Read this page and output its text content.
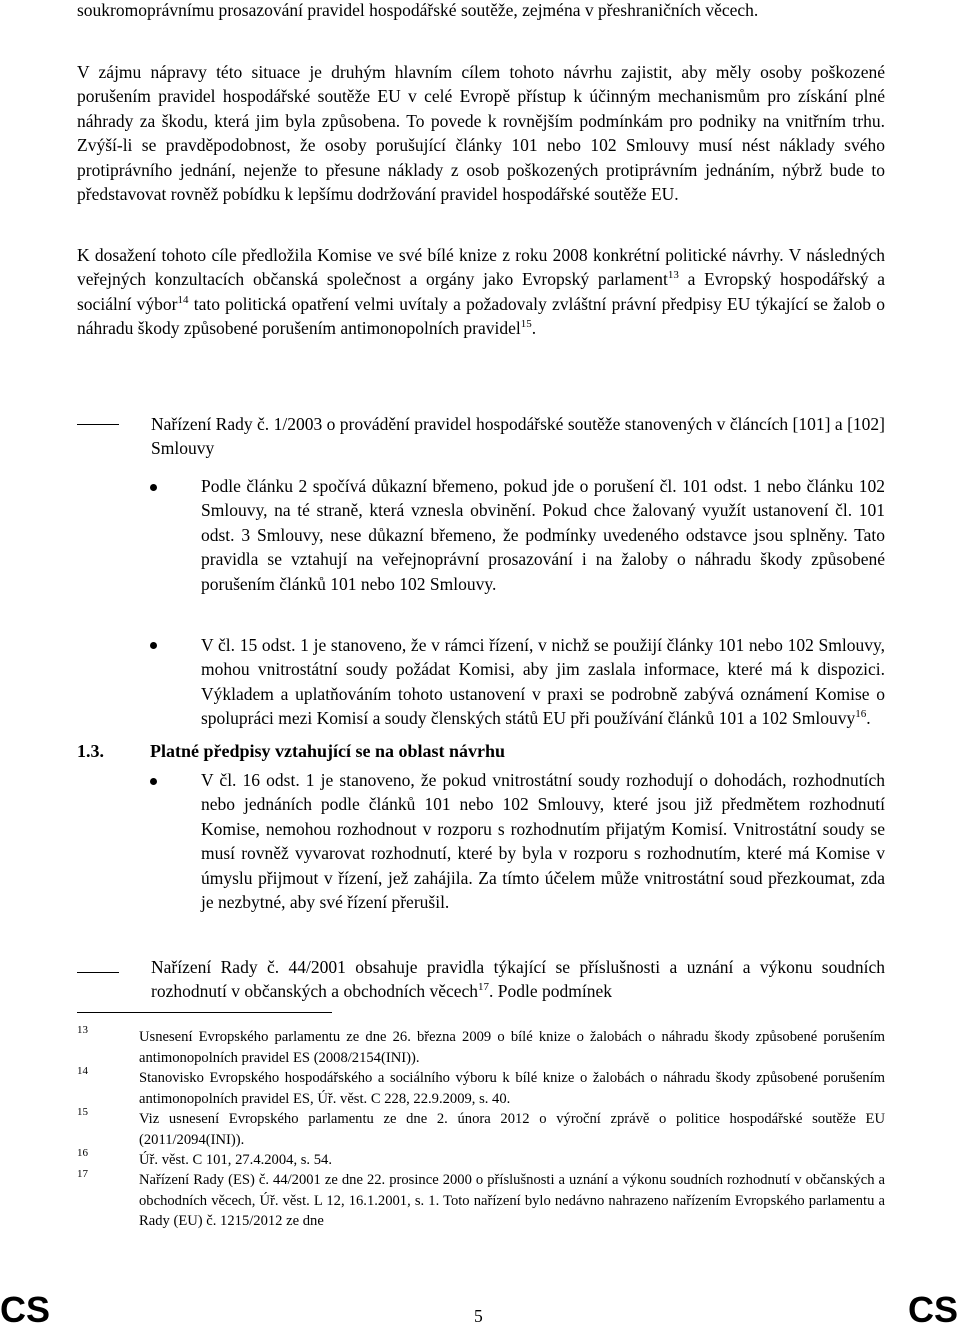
soukromoprávnímu prosazování pravidel hospodářské soutěže, zejména v přeshraničních věcech.

V zájmu nápravy této situace je druhým hlavním cílem tohoto návrhu zajistit, aby měly osoby poškozené porušením pravidel hospodářské soutěže EU v celé Evropě přístup k účinným mechanismům pro získání plné náhrady za škodu, která jim byla způsobena. To povede k rovnějším podmínkám pro podniky na vnitřním trhu. Zvýší-li se pravděpodobnost, že osoby porušující články 101 nebo 102 Smlouvy musí nést náklady svého protiprávního jednání, nejenže to přesune náklady z osob poškozených protiprávním jednáním, nýbrž bude to představovat rovněž pobídku k lepšímu dodržování pravidel hospodářské soutěže EU.

K dosažení tohoto cíle předložila Komise ve své bílé knize z roku 2008 konkrétní politické návrhy. V následných veřejných konzultacích občanská společnost a orgány jako Evropský parlament$^{13}$ a Evropský hospodářský a sociální výbor$^{14}$ tato politická opatření velmi uvítaly a požadovaly zvláštní právní předpisy EU týkající se žalob o náhradu škody způsobené porušením antimonopolních pravidel$^{15}$.

1.3.	Platné předpisy vztahující se na oblast návrhu

Nařízení Rady č. 1/2003 o provádění pravidel hospodářské soutěže stanovených v článcích [101] a [102] Smlouvy

Podle článku 2 spočívá důkazní břemeno, pokud jde o porušení čl. 101 odst. 1 nebo článku 102 Smlouvy, na té straně, která vznesla obvinění. Pokud chce žalovaný využít ustanovení čl. 101 odst. 3 Smlouvy, nese důkazní břemeno, že podmínky uvedeného odstavce jsou splněny. Tato pravidla se vztahují na veřejnoprávní prosazování i na žaloby o náhradu škody způsobené porušením článků 101 nebo 102 Smlouvy.

V čl. 15 odst. 1 je stanoveno, že v rámci řízení, v nichž se použijí články 101 nebo 102 Smlouvy, mohou vnitrostátní soudy požádat Komisi, aby jim zaslala informace, které má k dispozici. Výkladem a uplatňováním tohoto ustanovení v praxi se podrobně zabývá oznámení Komise o spolupráci mezi Komisí a soudy členských států EU při používání článků 101 a 102 Smlouvy$^{16}$.

V čl. 16 odst. 1 je stanoveno, že pokud vnitrostátní soudy rozhodují o dohodách, rozhodnutích nebo jednáních podle článků 101 nebo 102 Smlouvy, které jsou již předmětem rozhodnutí Komise, nemohou rozhodnout v rozporu s rozhodnutím přijatým Komisí. Vnitrostátní soudy se musí rovněž vyvarovat rozhodnutí, které by byla v rozporu s rozhodnutím, které má Komise v úmyslu přijmout v řízení, jež zahájila. Za tímto účelem může vnitrostátní soud přezkoumat, zda je nezbytné, aby své řízení přerušil.

Nařízení Rady č. 44/2001 obsahuje pravidla týkající se příslušnosti a uznání a výkonu soudních rozhodnutí v občanských a obchodních věcech$^{17}$. Podle podmínek

13	Usnesení Evropského parlamentu ze dne 26. března 2009 o bílé knize o žalobách o náhradu škody způsobené porušením antimonopolních pravidel ES (2008/2154(INI)).

14	Stanovisko Evropského hospodářského a sociálního výboru k bílé knize o žalobách o náhradu škody způsobené porušením antimonopolních pravidel ES, Úř. věst. C 228, 22.9.2009, s. 40.

15	Viz usnesení Evropského parlamentu ze dne 2. února 2012 o výroční zprávě o politice hospodářské soutěže EU (2011/2094(INI)).

16	Úř. věst. C 101, 27.4.2004, s. 54.

17	Nařízení Rady (ES) č. 44/2001 ze dne 22. prosince 2000 o příslušnosti a uznání a výkonu soudních rozhodnutí v občanských a obchodních věcech, Úř. věst. L 12, 16.1.2001, s. 1. Toto nařízení bylo nedávno nahrazeno nařízením Evropského parlamentu a Rady (EU) č. 1215/2012 ze dne

CS	5	CS
